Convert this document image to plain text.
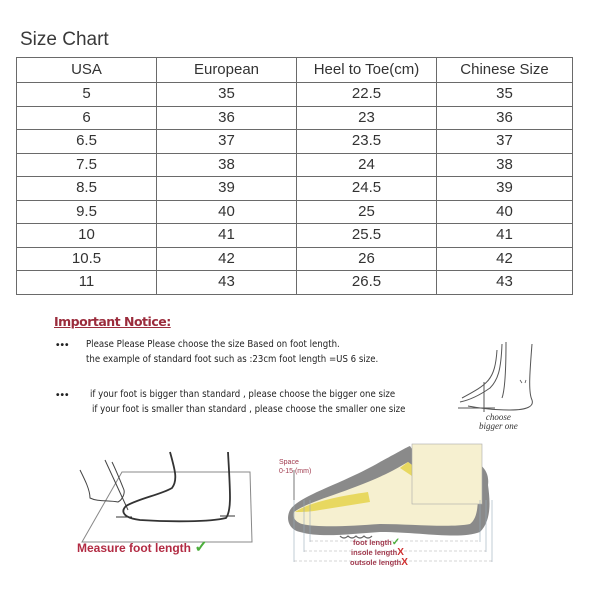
Size Chart
USA	European	Heel to Toe(cm)	Chinese Size
5	35	22.5	35
6	36	23	36
6.5	37	23.5	37
7.5	38	24	38
8.5	39	24.5	39
9.5	40	25	40
10	41	25.5	41
10.5	42	26	42
11	43	26.5	43
Important Notice:
••• Please Please Please choose the size Based on foot length.
the example of standard foot such as :23cm foot length =US 6 size.
••• if your foot is bigger than standard , please choose the bigger one size
if your foot is smaller than standard , please choose the smaller one size
choose
bigger one
Measure foot length ✓
Space
0-15 (mm)
foot length✓
insole lengthX
outsole lengthX
